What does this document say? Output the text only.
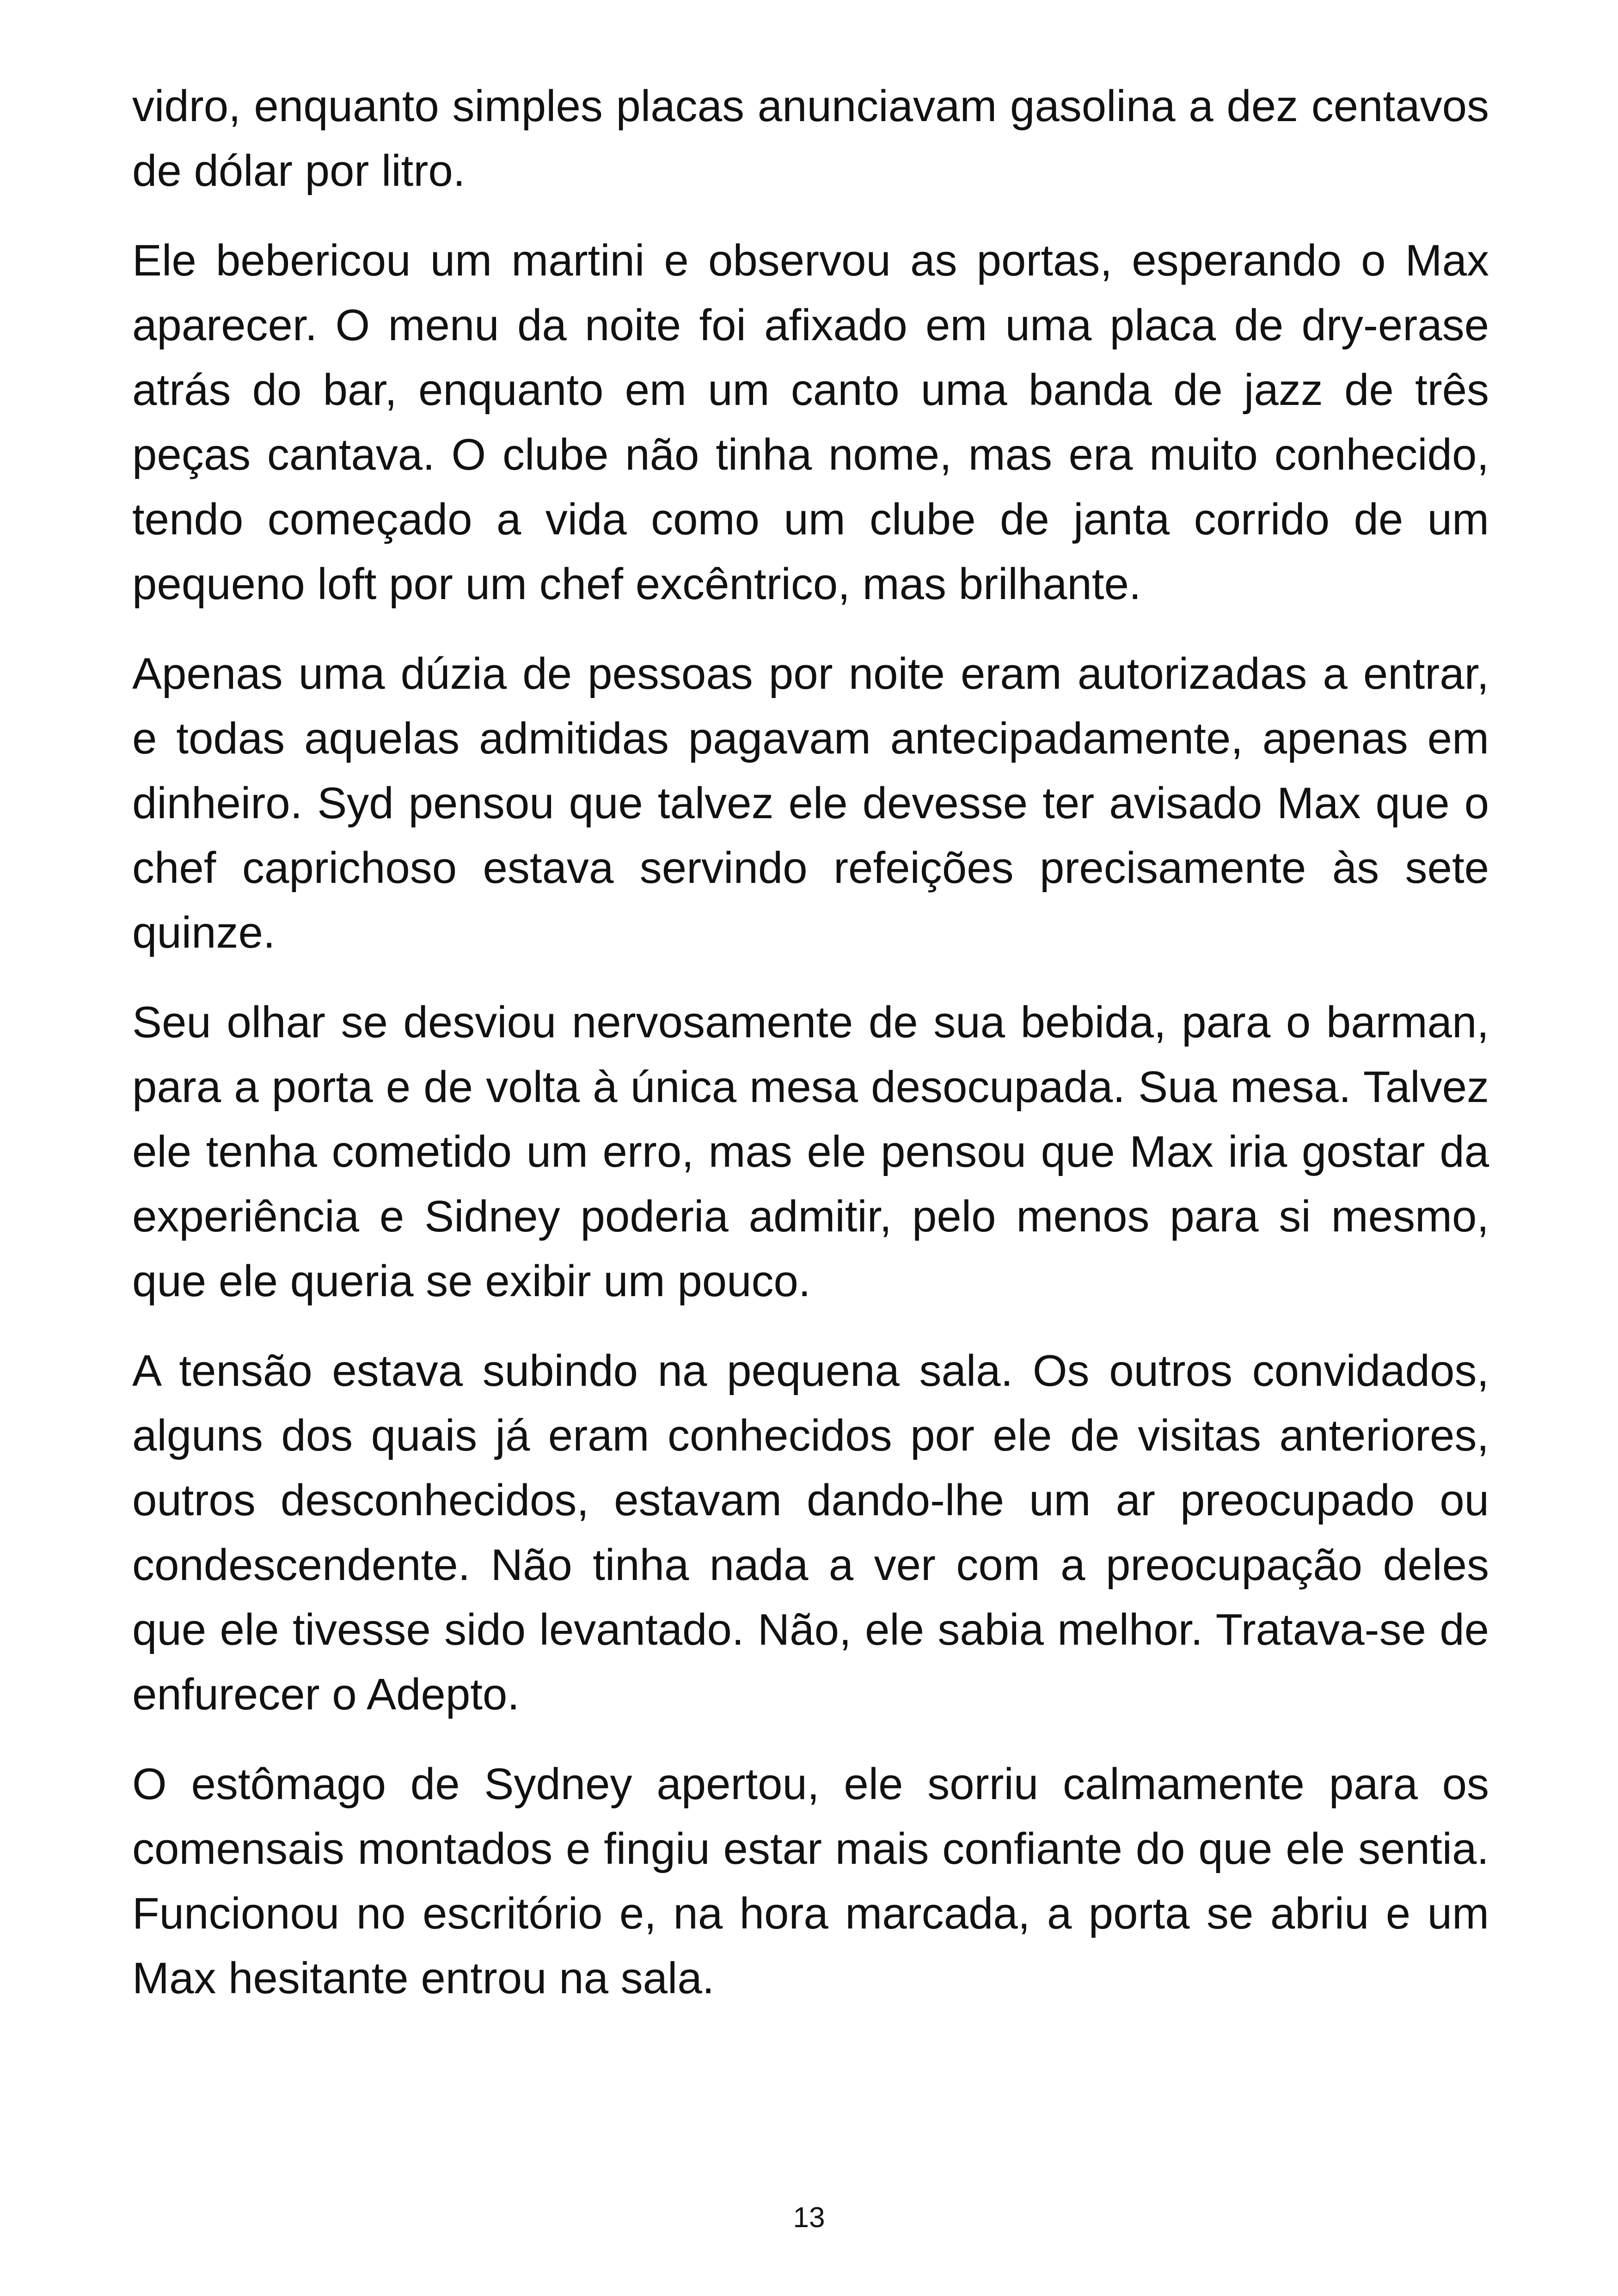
vidro, enquanto simples placas anunciavam gasolina a dez centavos de dólar por litro.

Ele bebericou um martini e observou as portas, esperando o Max aparecer. O menu da noite foi afixado em uma placa de dry-erase atrás do bar, enquanto em um canto uma banda de jazz de três peças cantava. O clube não tinha nome, mas era muito conhecido, tendo começado a vida como um clube de janta corrido de um pequeno loft por um chef excêntrico, mas brilhante.

Apenas uma dúzia de pessoas por noite eram autorizadas a entrar, e todas aquelas admitidas pagavam antecipadamente, apenas em dinheiro. Syd pensou que talvez ele devesse ter avisado Max que o chef caprichoso estava servindo refeições precisamente às sete quinze.

Seu olhar se desviou nervosamente de sua bebida, para o barman, para a porta e de volta à única mesa desocupada. Sua mesa. Talvez ele tenha cometido um erro, mas ele pensou que Max iria gostar da experiência e Sidney poderia admitir, pelo menos para si mesmo, que ele queria se exibir um pouco.

A tensão estava subindo na pequena sala. Os outros convidados, alguns dos quais já eram conhecidos por ele de visitas anteriores, outros desconhecidos, estavam dando-lhe um ar preocupado ou condescendente. Não tinha nada a ver com a preocupação deles que ele tivesse sido levantado. Não, ele sabia melhor. Tratava-se de enfurecer o Adepto.

O estômago de Sydney apertou, ele sorriu calmamente para os comensais montados e fingiu estar mais confiante do que ele sentia. Funcionou no escritório e, na hora marcada, a porta se abriu e um Max hesitante entrou na sala.

13
